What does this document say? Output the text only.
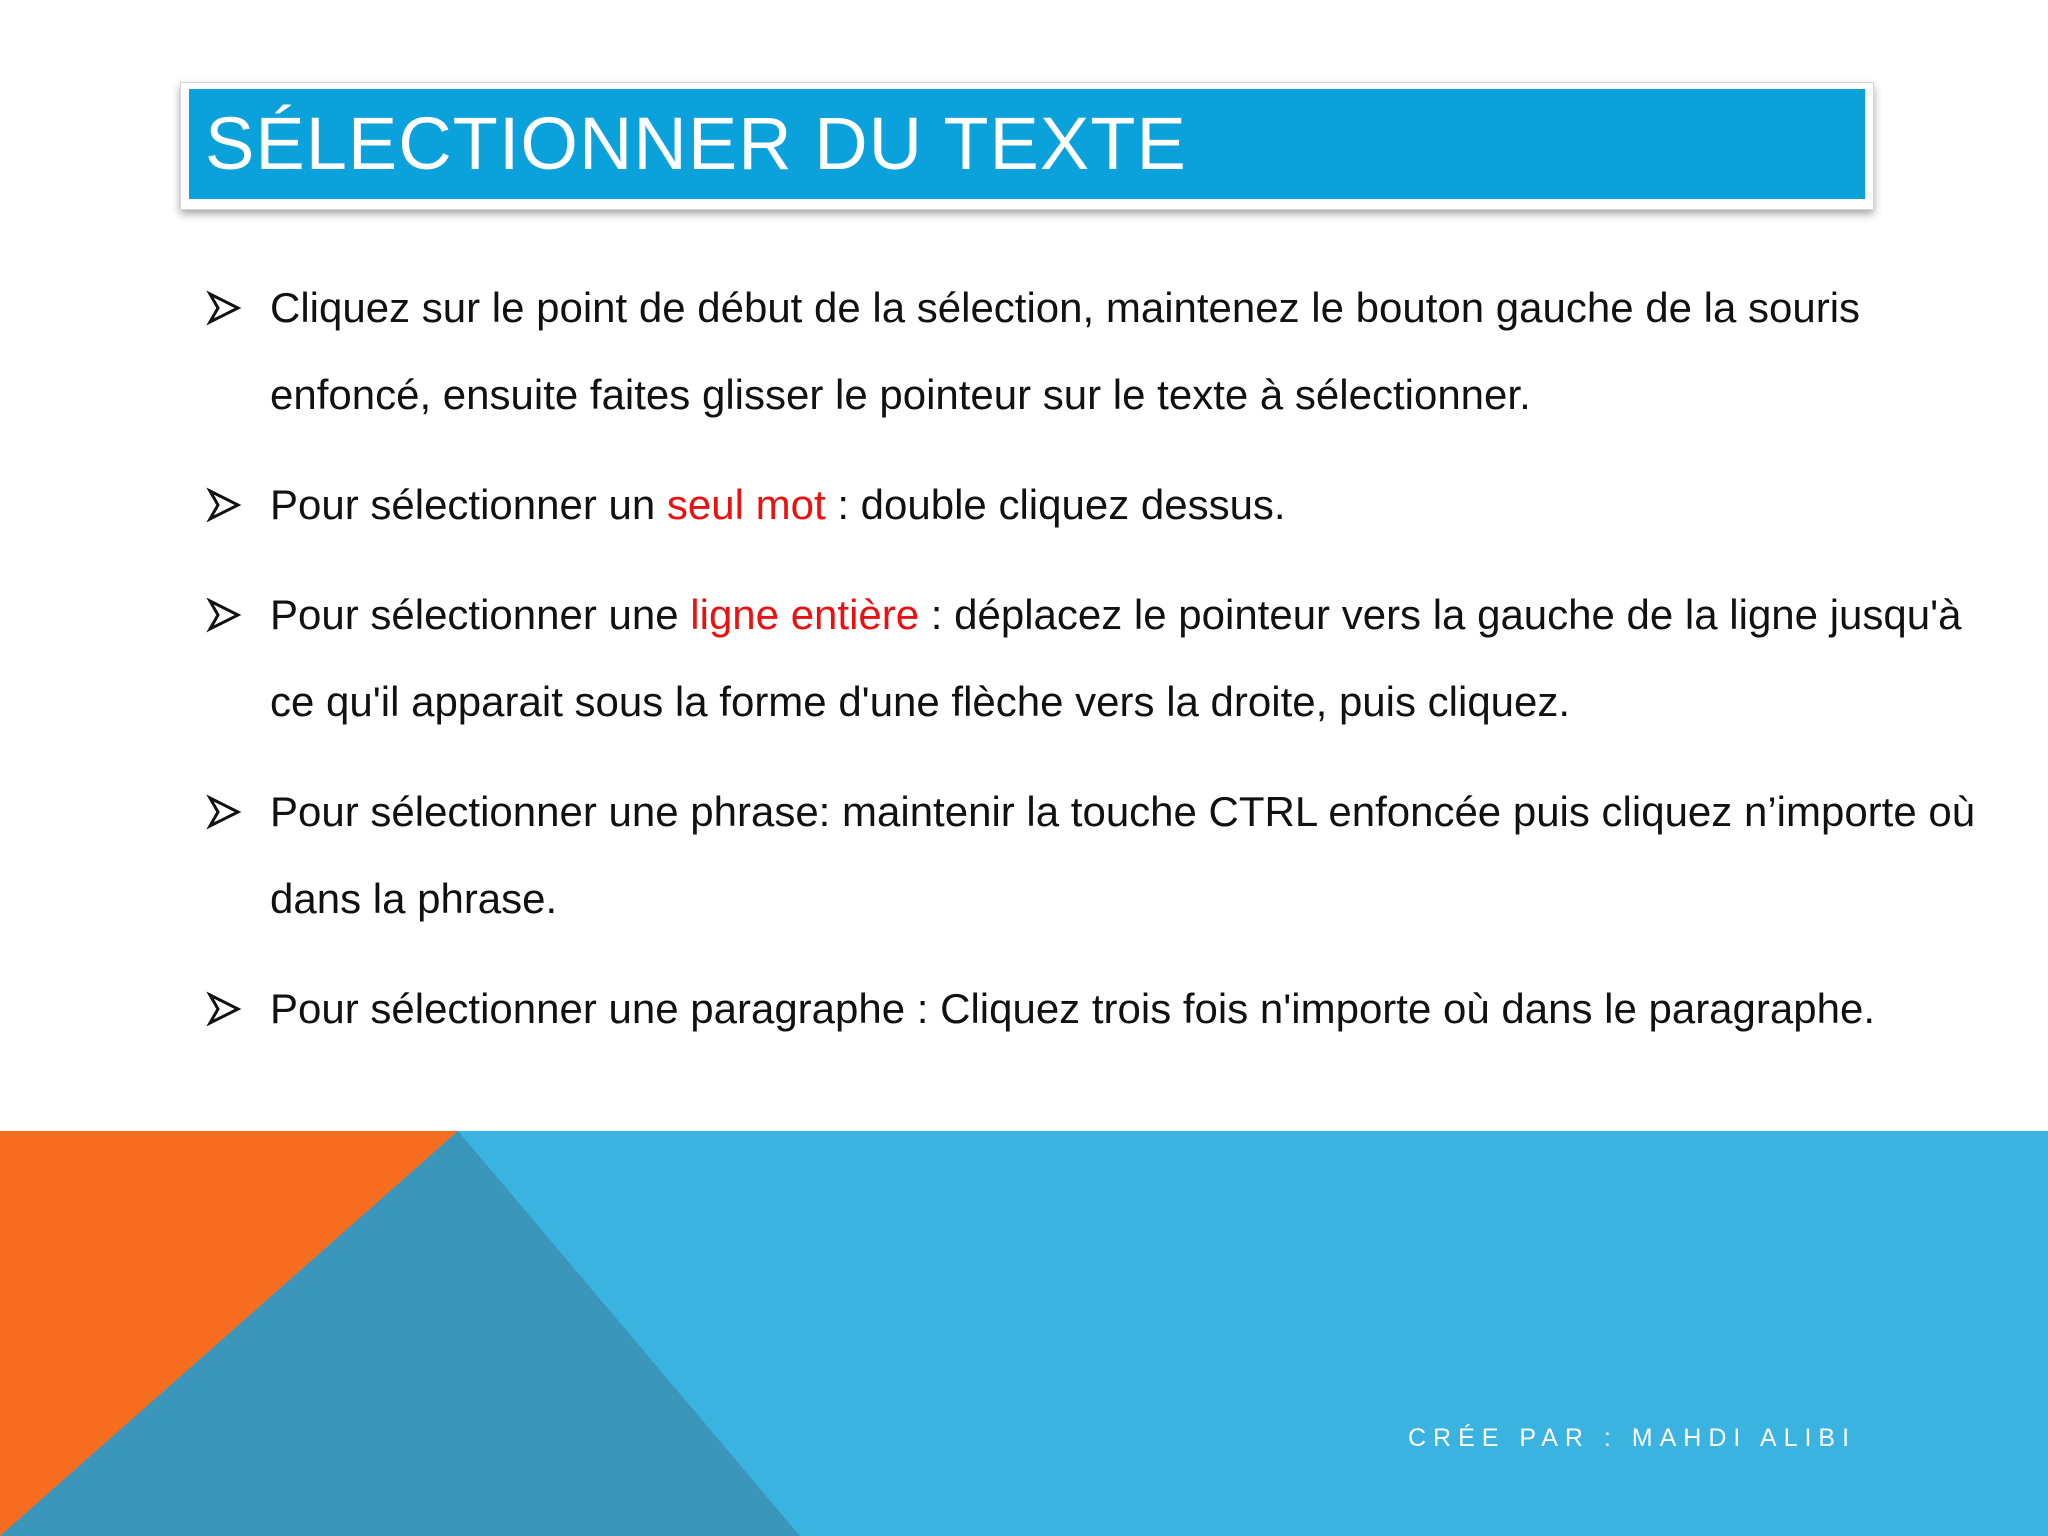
SÉLECTIONNER DU TEXTE
Cliquez sur le point de début de la sélection, maintenez le bouton gauche de la souris enfoncé, ensuite faites glisser le pointeur sur le texte à sélectionner.
Pour sélectionner un seul mot : double cliquez dessus.
Pour sélectionner une ligne entière : déplacez le pointeur vers la gauche de la ligne jusqu'à ce qu'il apparait sous la forme d'une flèche vers la droite, puis cliquez.
Pour sélectionner une phrase: maintenir la touche CTRL enfoncée puis cliquez n’importe où dans la phrase.
Pour sélectionner une paragraphe : Cliquez trois fois n'importe où dans le paragraphe.
CRÉE PAR : MAHDI ALIBI
